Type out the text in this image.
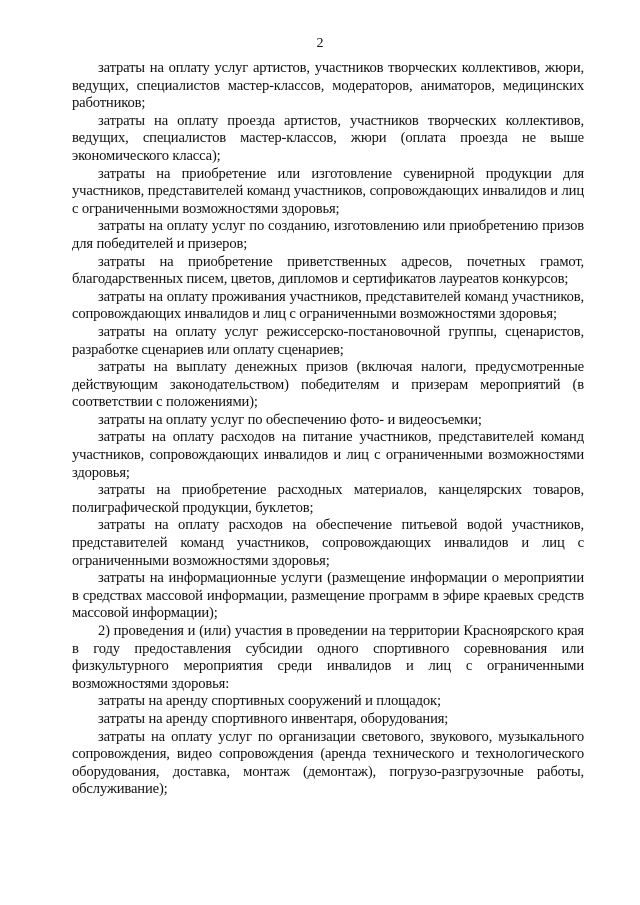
2

затраты на оплату услуг артистов, участников творческих коллективов, жюри, ведущих, специалистов мастер-классов, модераторов, аниматоров, медицинских работников;

затраты на оплату проезда артистов, участников творческих коллективов, ведущих, специалистов мастер-классов, жюри (оплата проезда не выше экономического класса);

затраты на приобретение или изготовление сувенирной продукции для участников, представителей команд участников, сопровождающих инвалидов и лиц с ограниченными возможностями здоровья;

затраты на оплату услуг по созданию, изготовлению или приобретению призов для победителей и призеров;

затраты на приобретение приветственных адресов, почетных грамот, благодарственных писем, цветов, дипломов и сертификатов лауреатов конкурсов;

затраты на оплату проживания участников, представителей команд участников, сопровождающих инвалидов и лиц с ограниченными возможностями здоровья;

затраты на оплату услуг режиссерско-постановочной группы, сценаристов, разработке сценариев или оплату сценариев;

затраты на выплату денежных призов (включая налоги, предусмотренные действующим законодательством) победителям и призерам мероприятий (в соответствии с положениями);

затраты на оплату услуг по обеспечению фото- и видеосъемки;

затраты на оплату расходов на питание участников, представителей команд участников, сопровождающих инвалидов и лиц с ограниченными возможностями здоровья;

затраты на приобретение расходных материалов, канцелярских товаров, полиграфической продукции, буклетов;

затраты на оплату расходов на обеспечение питьевой водой участников, представителей команд участников, сопровождающих инвалидов и лиц с ограниченными возможностями здоровья;

затраты на информационные услуги (размещение информации о мероприятии в средствах массовой информации, размещение программ в эфире краевых средств массовой информации);

2) проведения и (или) участия в проведении на территории Красноярского края в году предоставления субсидии одного спортивного соревнования или физкультурного мероприятия среди инвалидов и лиц с ограниченными возможностями здоровья:

затраты на аренду спортивных сооружений и площадок;

затраты на аренду спортивного инвентаря, оборудования;

затраты на оплату услуг по организации светового, звукового, музыкального сопровождения, видео сопровождения (аренда технического и технологического оборудования, доставка, монтаж (демонтаж), погрузо-разгрузочные работы, обслуживание);
